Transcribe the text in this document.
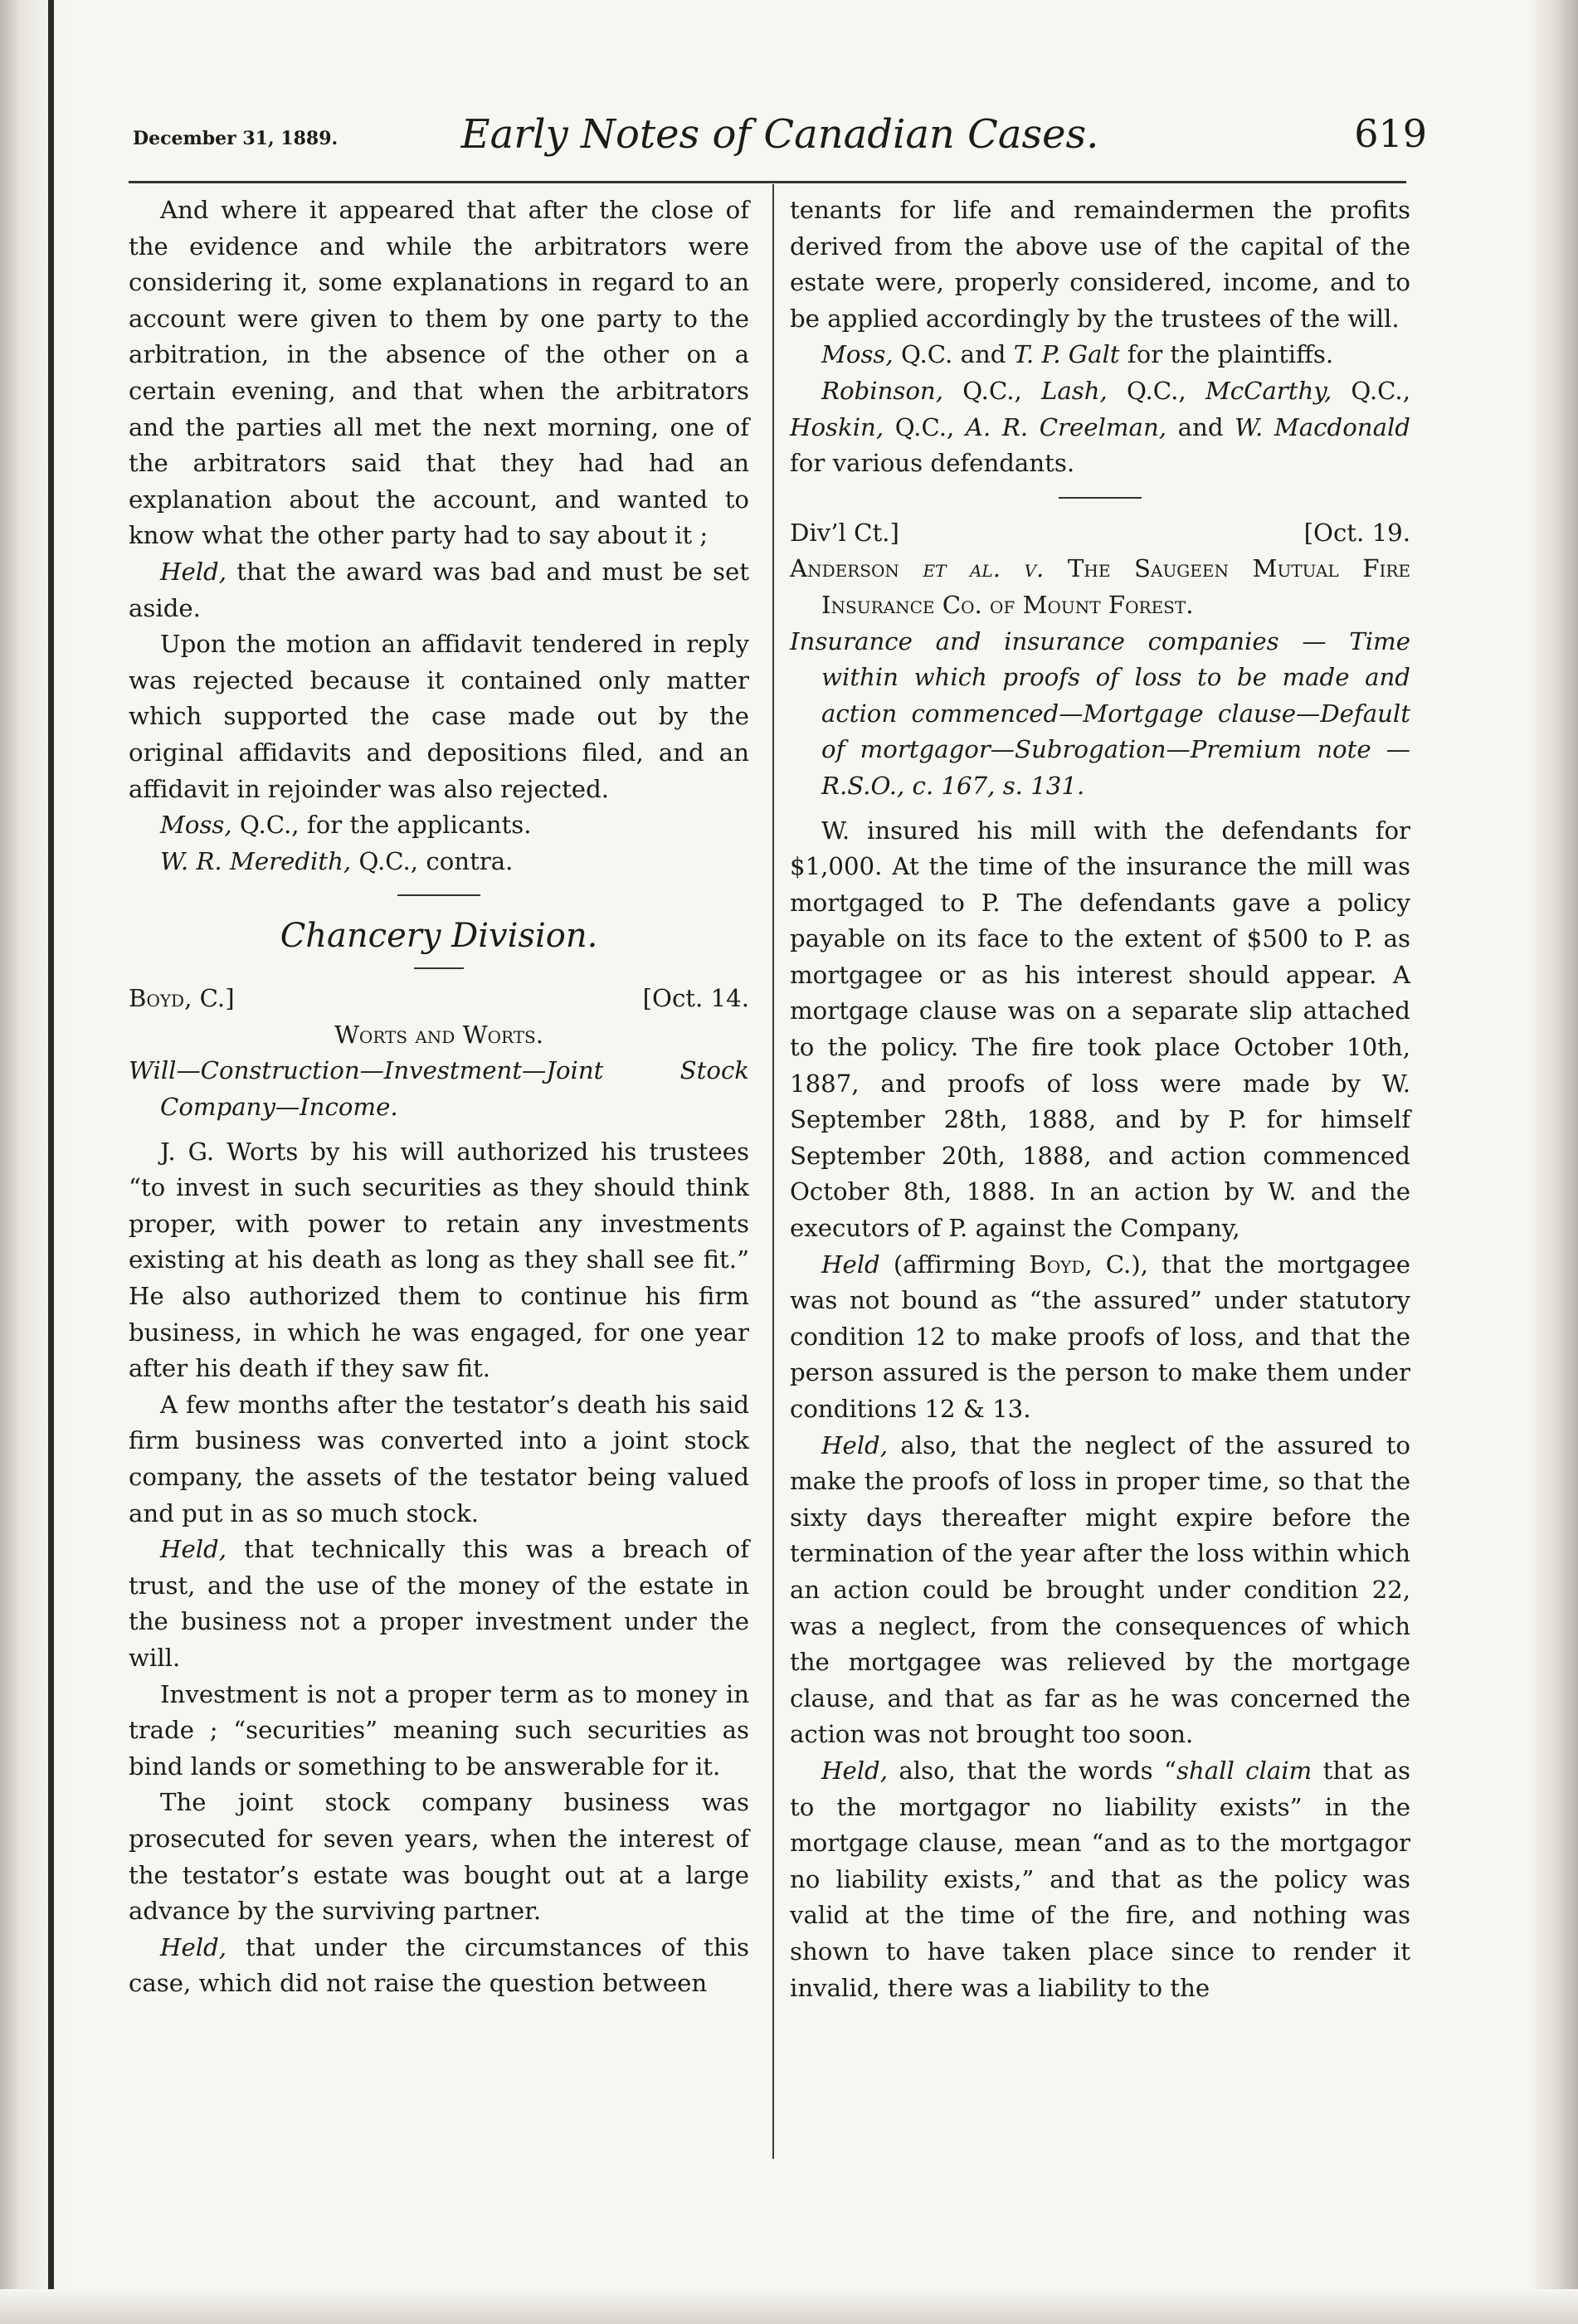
December 31, 1889.	Early Notes of Canadian Cases.	619

And where it appeared that after the close of the evidence and while the arbitrators were considering it, some explanations in regard to an account were given to them by one party to the arbitration, in the absence of the other on a certain evening, and that when the arbitrators and the parties all met the next morning, one of the arbitrators said that they had had an explanation about the account, and wanted to know what the other party had to say about it ;

Held, that the award was bad and must be set aside.

Upon the motion an affidavit tendered in reply was rejected because it contained only matter which supported the case made out by the original affidavits and depositions filed, and an affidavit in rejoinder was also rejected.

Moss, Q.C., for the applicants.

W. R. Meredith, Q.C., contra.

Chancery Division.
Boyd, C.]	[Oct. 14.
Worts and Worts.

Will—Construction—Investment—Joint Stock Company—Income.

J. G. Worts by his will authorized his trustees “to invest in such securities as they should think proper, with power to retain any investments existing at his death as long as they shall see fit.” He also authorized them to continue his firm business, in which he was engaged, for one year after his death if they saw fit.

A few months after the testator’s death his said firm business was converted into a joint stock company, the assets of the testator being valued and put in as so much stock.

Held, that technically this was a breach of trust, and the use of the money of the estate in the business not a proper investment under the will.

Investment is not a proper term as to money in trade ; “securities” meaning such securities as bind lands or something to be answerable for it.

The joint stock company business was prosecuted for seven years, when the interest of the testator’s estate was bought out at a large advance by the surviving partner.

Held, that under the circumstances of this case, which did not raise the question between

tenants for life and remaindermen the profits derived from the above use of the capital of the estate were, properly considered, income, and to be applied accordingly by the trustees of the will.

Moss, Q.C. and T. P. Galt for the plaintiffs.

Robinson, Q.C., Lash, Q.C., McCarthy, Q.C., Hoskin, Q.C., A. R. Creelman, and W. Macdonald for various defendants.

Div’l Ct.]	[Oct. 19.

Anderson et al. v. The Saugeen Mutual Fire Insurance Co. of Mount Forest.

Insurance and insurance companies — Time within which proofs of loss to be made and action commenced—Mortgage clause—Default of mortgagor—Subrogation—Premium note —R.S.O., c. 167, s. 131.

W. insured his mill with the defendants for $1,000. At the time of the insurance the mill was mortgaged to P. The defendants gave a policy payable on its face to the extent of $500 to P. as mortgagee or as his interest should appear. A mortgage clause was on a separate slip attached to the policy. The fire took place October 10th, 1887, and proofs of loss were made by W. September 28th, 1888, and by P. for himself September 20th, 1888, and action commenced October 8th, 1888. In an action by W. and the executors of P. against the Company,

Held (affirming Boyd, C.), that the mortgagee was not bound as “the assured” under statutory condition 12 to make proofs of loss, and that the person assured is the person to make them under conditions 12 & 13.

Held, also, that the neglect of the assured to make the proofs of loss in proper time, so that the sixty days thereafter might expire before the termination of the year after the loss within which an action could be brought under condition 22, was a neglect, from the consequences of which the mortgagee was relieved by the mortgage clause, and that as far as he was concerned the action was not brought too soon.

Held, also, that the words “shall claim that as to the mortgagor no liability exists” in the mortgage clause, mean “and as to the mortgagor no liability exists,” and that as the policy was valid at the time of the fire, and nothing was shown to have taken place since to render it invalid, there was a liability to the
